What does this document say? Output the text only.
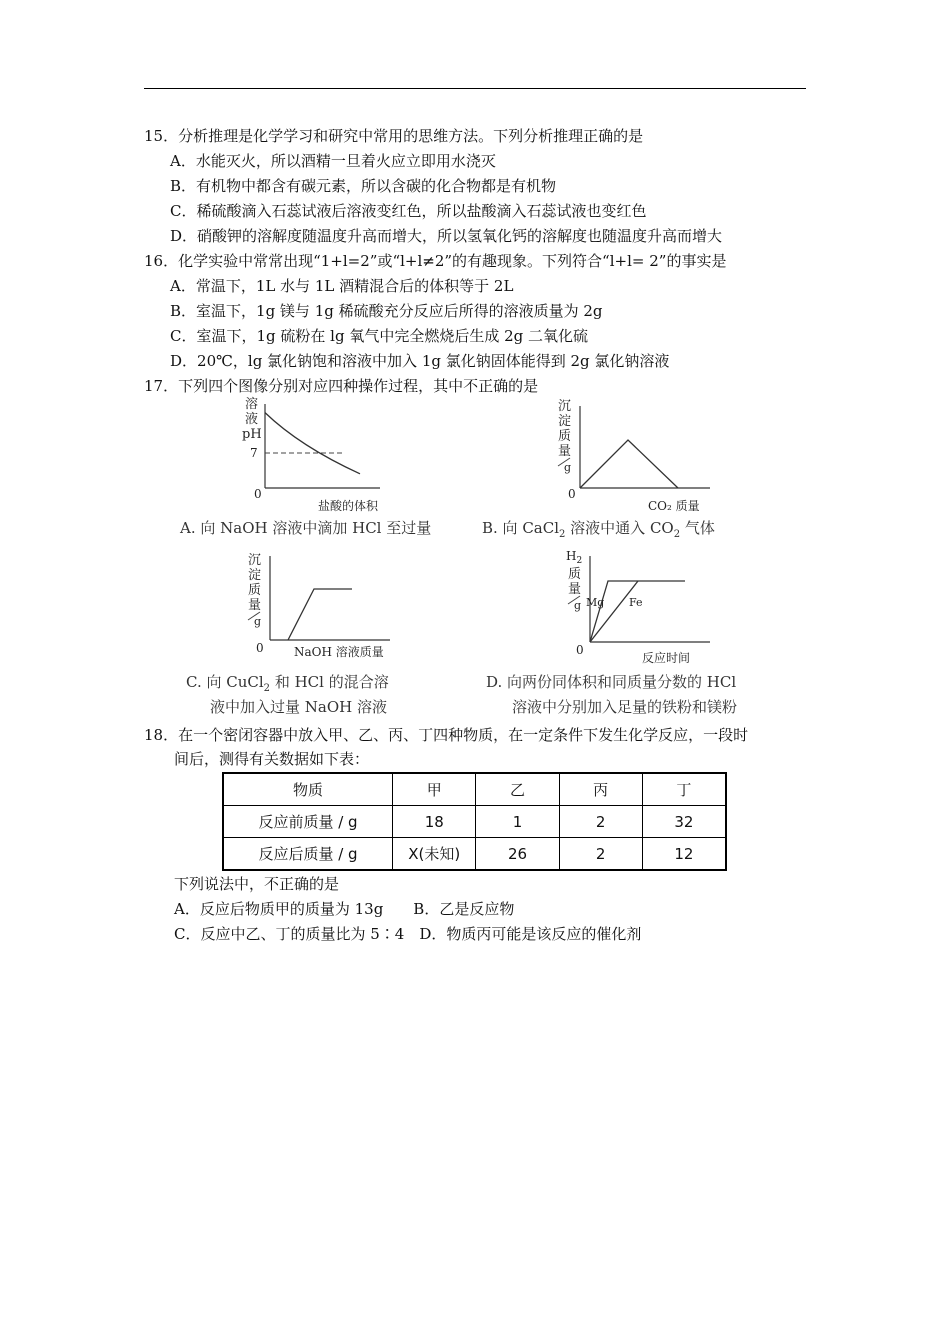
15．分析推理是化学学习和研究中常用的思维方法。下列分析推理正确的是
A．水能灭火，所以酒精一旦着火应立即用水浇灭
B．有机物中都含有碳元素，所以含碳的化合物都是有机物
C．稀硫酸滴入石蕊试液后溶液变红色，所以盐酸滴入石蕊试液也变红色
D．硝酸钾的溶解度随温度升高而增大，所以氢氧化钙的溶解度也随温度升高而增大
16．化学实验中常常出现“1+l=2”或“l+l≠2”的有趣现象。下列符合“l+l= 2”的事实是
A．常温下，1L 水与 1L 酒精混合后的体积等于 2L
B．室温下，1g 镁与 1g 稀硫酸充分反应后所得的溶液质量为 2g
C．室温下，1g 硫粉在 lg 氧气中完全燃烧后生成 2g 二氧化硫
D．20℃，lg 氯化钠饱和溶液中加入 1g 氯化钠固体能得到 2g 氯化钠溶液
17．下列四个图像分别对应四种操作过程，其中不正确的是
溶
液
pH
7
0
盐酸的体积
A. 向 NaOH 溶液中滴加 HCl 至过量
沉
淀
质
量
g
0
CO₂ 质量
B. 向 CaCl$_2$ 溶液中通入 $CO_2$ 气体
沉
淀
质
量
g
0	NaOH 溶液质量
C. 向 CuCl$_2$ 和 HCl 的混合溶
液中加入过量 NaOH 溶液
$H_2$
质
量
g Mg Fe
0
反应时间
D. 向两份同体积和同质量分数的 HCl
溶液中分别加入足量的铁粉和镁粉
18．在一个密闭容器中放入甲、乙、丙、丁四种物质，在一定条件下发生化学反应，一段时
间后，测得有关数据如下表：
物质	甲	乙	丙	丁
反应前质量 / g	18	1	2	32
反应后质量 / g	X(未知)	26	2	12
下列说法中，不正确的是
A．反应后物质甲的质量为 13g　　B．乙是反应物
C．反应中乙、丁的质量比为 5∶4　D．物质丙可能是该反应的催化剂
